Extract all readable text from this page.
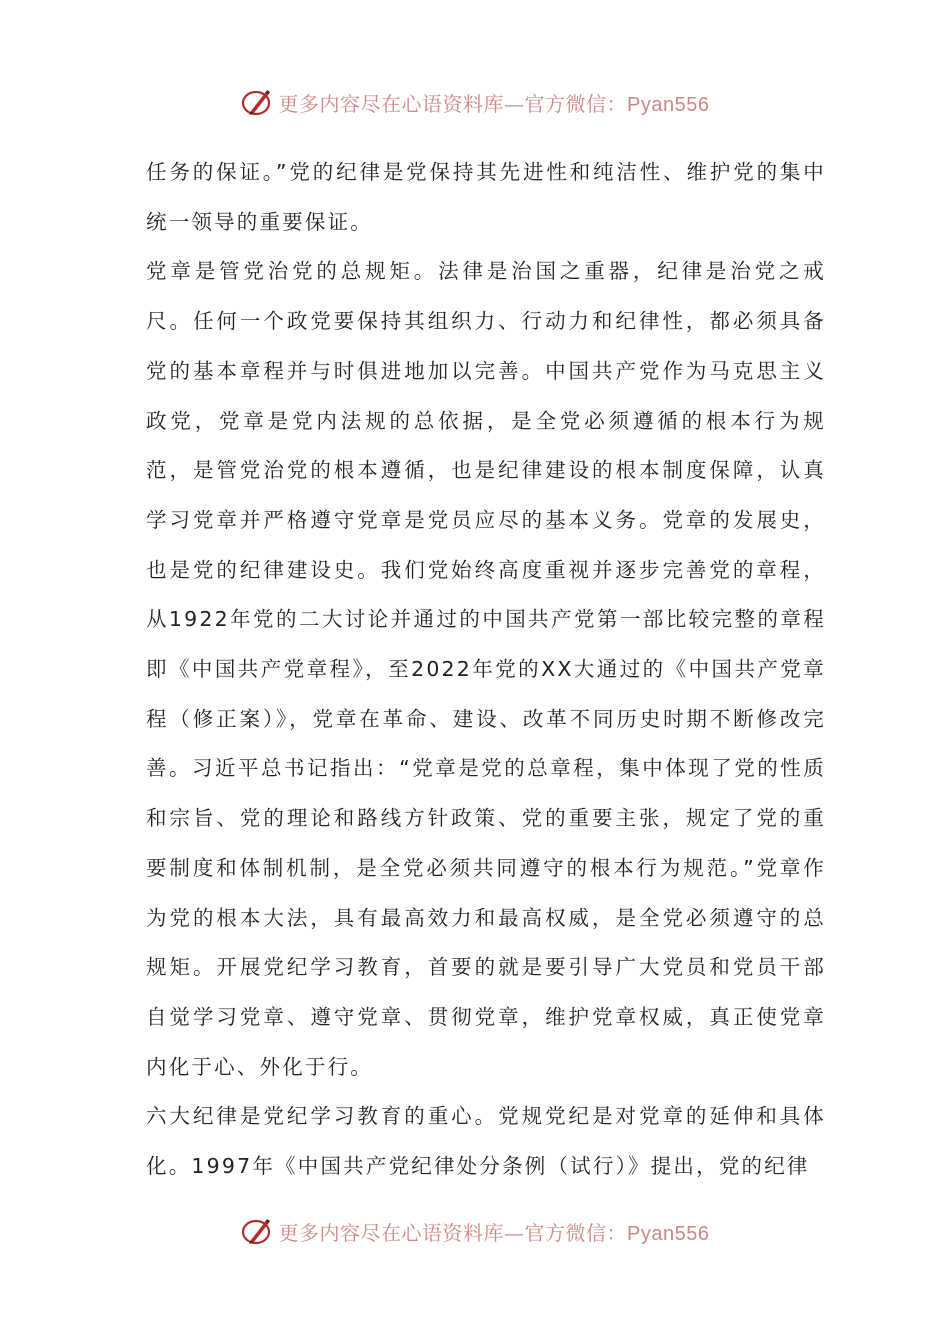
更多内容尽在心语资料库—官方微信：Pyan556

任务的保证。”党的纪律是党保持其先进性和纯洁性、维护党的集中统一领导的重要保证。

党章是管党治党的总规矩。法律是治国之重器，纪律是治党之戒尺。任何一个政党要保持其组织力、行动力和纪律性，都必须具备党的基本章程并与时俱进地加以完善。中国共产党作为马克思主义政党，党章是党内法规的总依据，是全党必须遵循的根本行为规范，是管党治党的根本遵循，也是纪律建设的根本制度保障，认真学习党章并严格遵守党章是党员应尽的基本义务。党章的发展史，也是党的纪律建设史。我们党始终高度重视并逐步完善党的章程，从1922年党的二大讨论并通过的中国共产党第一部比较完整的章程即《中国共产党章程》，至2022年党的XX大通过的《中国共产党章程（修正案）》，党章在革命、建设、改革不同历史时期不断修改完善。习近平总书记指出：“党章是党的总章程，集中体现了党的性质和宗旨、党的理论和路线方针政策、党的重要主张，规定了党的重要制度和体制机制，是全党必须共同遵守的根本行为规范。”党章作为党的根本大法，具有最高效力和最高权威，是全党必须遵守的总规矩。开展党纪学习教育，首要的就是要引导广大党员和党员干部自觉学习党章、遵守党章、贯彻党章，维护党章权威，真正使党章内化于心、外化于行。

六大纪律是党纪学习教育的重心。党规党纪是对党章的延伸和具体化。1997年《中国共产党纪律处分条例（试行）》提出，党的纪律

更多内容尽在心语资料库—官方微信：Pyan556
